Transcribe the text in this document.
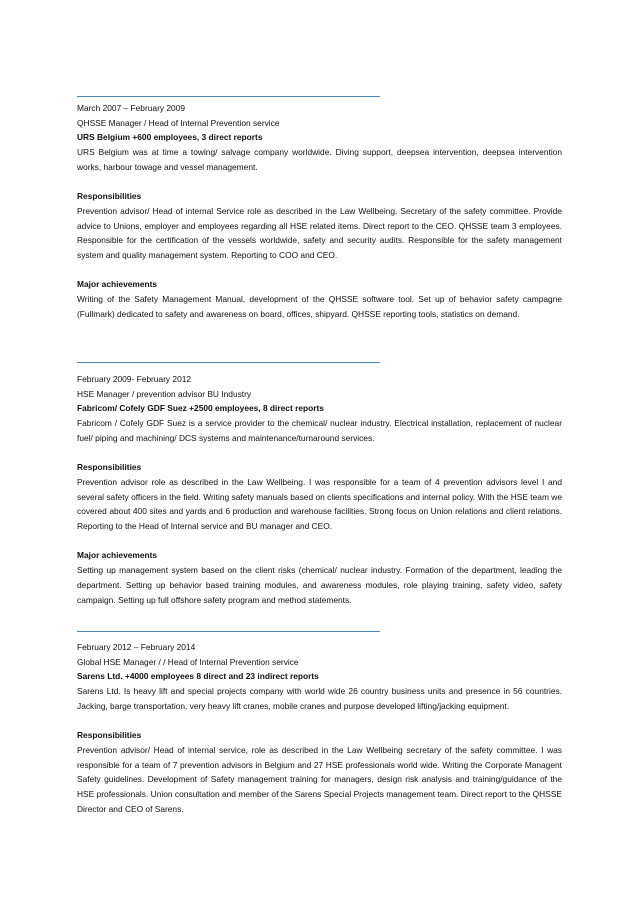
March 2007 – February 2009

QHSSE Manager / Head of Internal Prevention service

URS Belgium +600 employees, 3 direct reports

URS Belgium was at time a towing/ salvage company worldwide. Diving support, deepsea intervention, deepsea intervention works, harbour towage and vessel management.

Responsibilities

Prevention advisor/ Head of internal Service role as described in the Law Wellbeing. Secretary of the safety committee. Provide advice to Unions, employer and employees regarding all HSE related items. Direct report to the CEO. QHSSE team 3 employees. Responsible for the certification of the vessels worldwide, safety and security audits. Responsible for the safety management system and quality management system. Reporting to COO and CEO.

Major achievements

Writing of the Safety Management Manual, development of the QHSSE software tool. Set up of behavior safety campagne (Fullmark) dedicated to safety and awareness on board, offices, shipyard. QHSSE reporting tools, statistics on demand.

February 2009- February 2012

HSE Manager / prevention advisor BU Industry

Fabricom/ Cofely GDF Suez +2500 employees, 8 direct reports

Fabricom / Cofely GDF Suez is a service provider to the chemical/ nuclear industry. Electrical installation, replacement of nuclear fuel/ piping and machining/ DCS systems and maintenance/turnaround services.

Responsibilities

Prevention advisor role as described in the Law Wellbeing. I was responsible for a team of 4 prevention advisors level I and several safety officers in the field. Writing safety manuals based on clients specifications and internal policy. With the HSE team we covered about 400 sites and yards and 6 production and warehouse facilities. Strong focus on Union relations and client relations. Reporting to the Head of Internal service and BU manager and CEO.

Major achievements

Setting up management system based on the client risks (chemical/ nuclear industry. Formation of the department, leading the department. Setting up behavior based training modules, and awareness modules, role playing training, safety video, safety campaign. Setting up full offshore safety program and method statements.

February 2012 – February 2014

Global HSE Manager / / Head of Internal Prevention service

Sarens Ltd. +4000 employees 8 direct and 23 indirect reports

Sarens Ltd. Is heavy lift and special projects company with world wide 26 country business units and presence in 56 countries. Jacking, barge transportation, very heavy lift cranes, mobile cranes and purpose developed lifting/jacking equipment.

Responsibilities

Prevention advisor/ Head of internal service, role as described in the Law Wellbeing secretary of the safety committee. I was responsible for a team of 7 prevention advisors in Belgium and 27 HSE professionals world wide. Writing the Corporate Managent Safety guidelines. Development of Safety management training for managers, design risk analysis and training/guidance of the HSE professionals. Union consultation and member of the Sarens Special Projects management team. Direct report to the QHSSE Director and CEO of Sarens.
